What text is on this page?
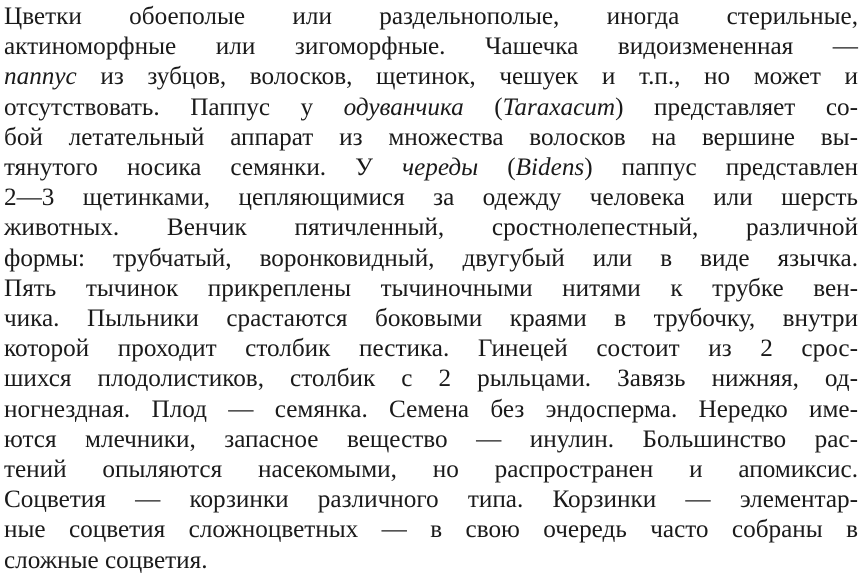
Цветки обоеполые или раздельнополые, иногда стерильные,
актиноморфные или зигоморфные. Чашечка видоизмененная —
паппус из зубцов, волосков, щетинок, чешуек и т.п., но может и
отсутствовать. Паппус у одуванчика (Taraxacum) представляет со-
бой летательный аппарат из множества волосков на вершине вы-
тянутого носика семянки. У череды (Bidens) паппус представлен
2—3 щетинками, цепляющимися за одежду человека или шерсть
животных. Венчик пятичленный, сростнолепестный, различной
формы: трубчатый, воронковидный, двугубый или в виде язычка.
Пять тычинок прикреплены тычиночными нитями к трубке вен-
чика. Пыльники срастаются боковыми краями в трубочку, внутри
которой проходит столбик пестика. Гинецей состоит из 2 срос-
шихся плодолистиков, столбик с 2 рыльцами. Завязь нижняя, од-
ногнездная. Плод — семянка. Семена без эндосперма. Нередко име-
ются млечники, запасное вещество — инулин. Большинство рас-
тений опыляются насекомыми, но распространен и апомиксис.
Соцветия — корзинки различного типа. Корзинки — элементар-
ные соцветия сложноцветных — в свою очередь часто собраны в
сложные соцветия.
